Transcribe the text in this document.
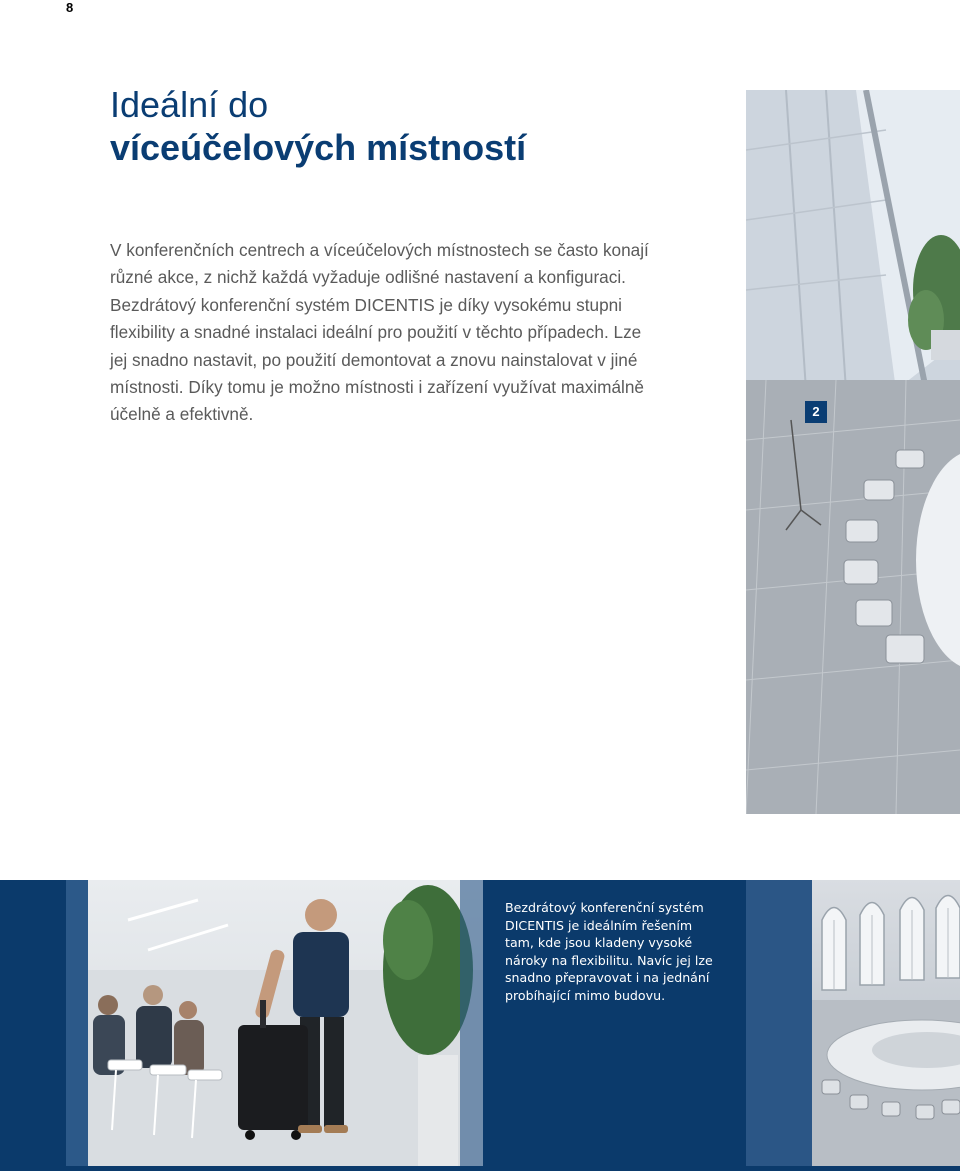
8
Ideální do
víceúčelových místností

V konferenčních centrech a víceúčelových místnostech se často konají různé akce, z nichž každá vyžaduje odlišné nastavení a konfiguraci. Bezdrátový konferenční systém DICENTIS je díky vysokému stupni flexibility a snadné instalaci ideální pro použití v těchto případech. Lze jej snadno nastavit, po použití demontovat a znovu nainstalovat v jiné místnosti. Díky tomu je možno místnosti i zařízení využívat maximálně účelně a efektivně.	2

Bezdrátový konferenční systém DICENTIS je ideálním řešením tam, kde jsou kladeny vysoké nároky na flexibilitu. Navíc jej lze snadno přepravovat i na jednání probíhající mimo budovu.
